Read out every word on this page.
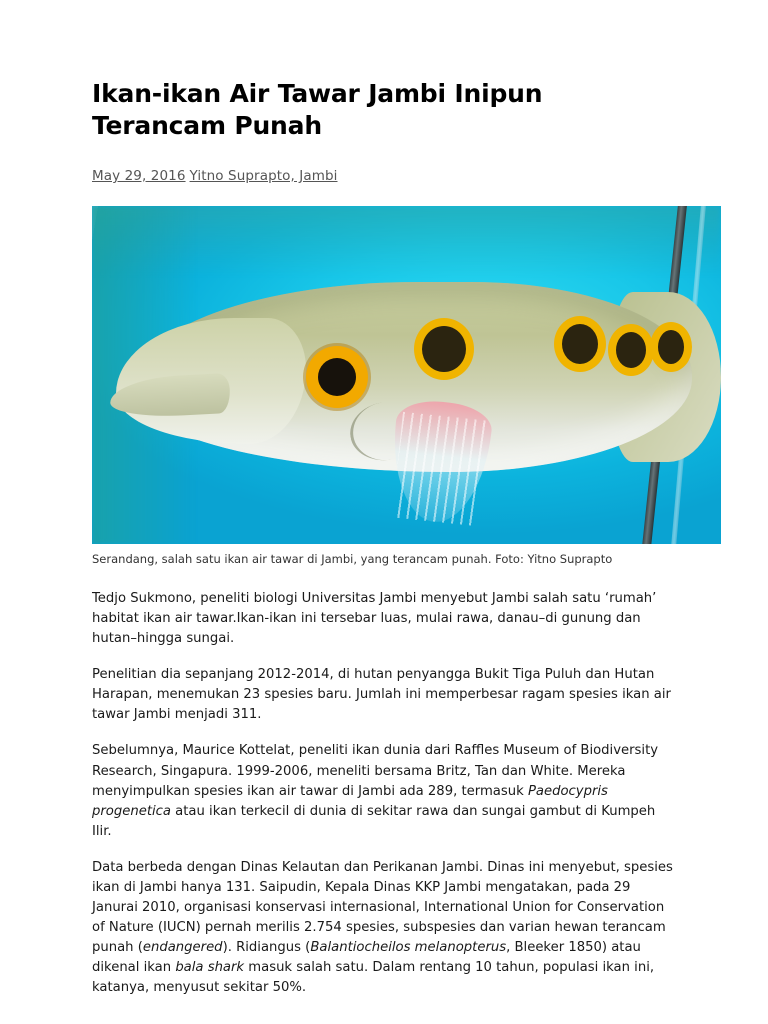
Ikan-ikan Air Tawar Jambi Inipun Terancam Punah
May 29, 2016 Yitno Suprapto, Jambi
Serandang, salah satu ikan air tawar di Jambi, yang terancam punah. Foto: Yitno Suprapto

Tedjo Sukmono, peneliti biologi Universitas Jambi menyebut Jambi salah satu ‘rumah’ habitat ikan air tawar.Ikan-ikan ini tersebar luas, mulai rawa, danau–di gunung dan hutan–hingga sungai.

Penelitian dia sepanjang 2012-2014, di hutan penyangga Bukit Tiga Puluh dan Hutan Harapan, menemukan 23 spesies baru. Jumlah ini memperbesar ragam spesies ikan air tawar Jambi menjadi 311.

Sebelumnya, Maurice Kottelat, peneliti ikan dunia dari Raffles Museum of Biodiversity Research, Singapura. 1999-2006, meneliti bersama Britz, Tan dan White. Mereka menyimpulkan spesies ikan air tawar di Jambi ada 289, termasuk Paedocypris progenetica atau ikan terkecil di dunia di sekitar rawa dan sungai gambut di Kumpeh Ilir.

Data berbeda dengan Dinas Kelautan dan Perikanan Jambi. Dinas ini menyebut, spesies ikan di Jambi hanya 131. Saipudin, Kepala Dinas KKP Jambi mengatakan, pada 29 Janurai 2010, organisasi konservasi internasional, International Union for Conservation of Nature (IUCN) pernah merilis 2.754 spesies, subspesies dan varian hewan terancam punah (endangered). Ridiangus (Balantiocheilos melanopterus, Bleeker 1850) atau dikenal ikan bala shark masuk salah satu. Dalam rentang 10 tahun, populasi ikan ini, katanya, menyusut sekitar 50%.
